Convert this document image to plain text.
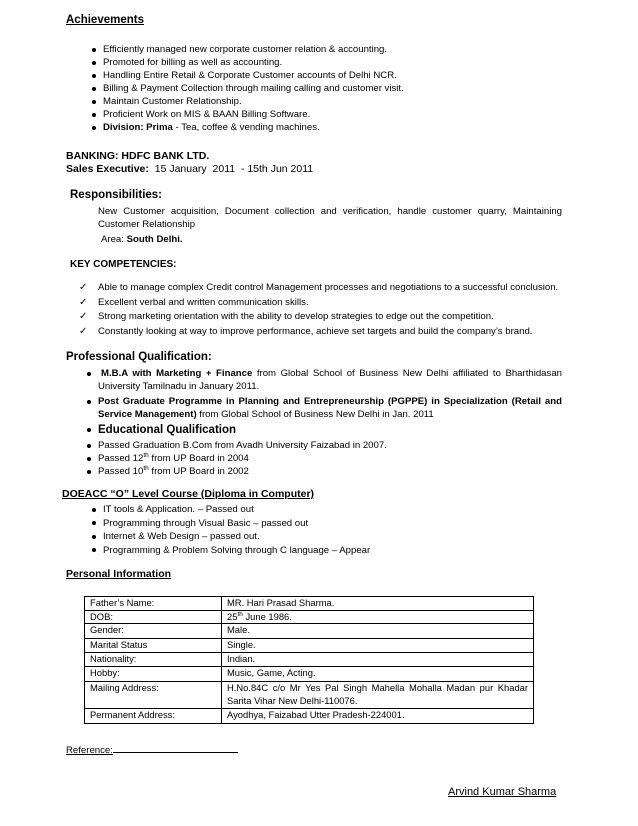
Achievements
Efficiently managed new corporate customer relation & accounting.
Promoted for billing as well as accounting.
Handling Entire Retail & Corporate Customer accounts of Delhi NCR.
Billing & Payment Collection through mailing calling and customer visit.
Maintain Customer Relationship.
Proficient Work on MIS & BAAN Billing Software.
Division: Prima - Tea, coffee & vending machines.
BANKING: HDFC BANK LTD.
Sales Executive:  15 January  2011  - 15th Jun 2011
Responsibilities:
New Customer acquisition, Document collection and verification, handle customer quarry, Maintaining Customer Relationship
Area: South Delhi.
KEY COMPETENCIES:
✓ Able to manage complex Credit control Management processes and negotiations to a successful conclusion.
✓ Excellent verbal and written communication skills.
✓ Strong marketing orientation with the ability to develop strategies to edge out the competition.
✓ Constantly looking at way to improve performance, achieve set targets and build the company’s brand.
Professional Qualification:
M.B.A with Marketing + Finance from Global School of Business New Delhi affiliated to Bharthidasan University Tamilnadu in January 2011.
Post Graduate Programme in Planning and Entrepreneurship (PGPPE) in Specialization (Retail and Service Management) from Global School of Business New Delhi in Jan. 2011
Educational Qualification
Passed Graduation B.Com from Avadh University Faizabad in 2007.
Passed 12th from UP Board in 2004
Passed 10th from UP Board in 2002
DOEACC “O” Level Course (Diploma in Computer)
IT tools & Application. – Passed out
Programming through Visual Basic – passed out
Internet & Web Design – passed out.
Programming & Problem Solving through C language – Appear
Personal Information
Father’s Name:	MR. Hari Prasad Sharma.
DOB:	25th June 1986.
Gender:	Male.
Marital Status	Single.
Nationality:	Indian.
Hobby:	Music, Game, Acting.
Mailing Address:	H.No.84C c/o Mr Yes Pal Singh Mahella Mohalla Madan pur Khadar Sarita Vihar New Delhi-110076.
Permanent Address:	Ayodhya, Faizabad Utter Pradesh-224001.
Reference:
Arvind Kumar Sharma
